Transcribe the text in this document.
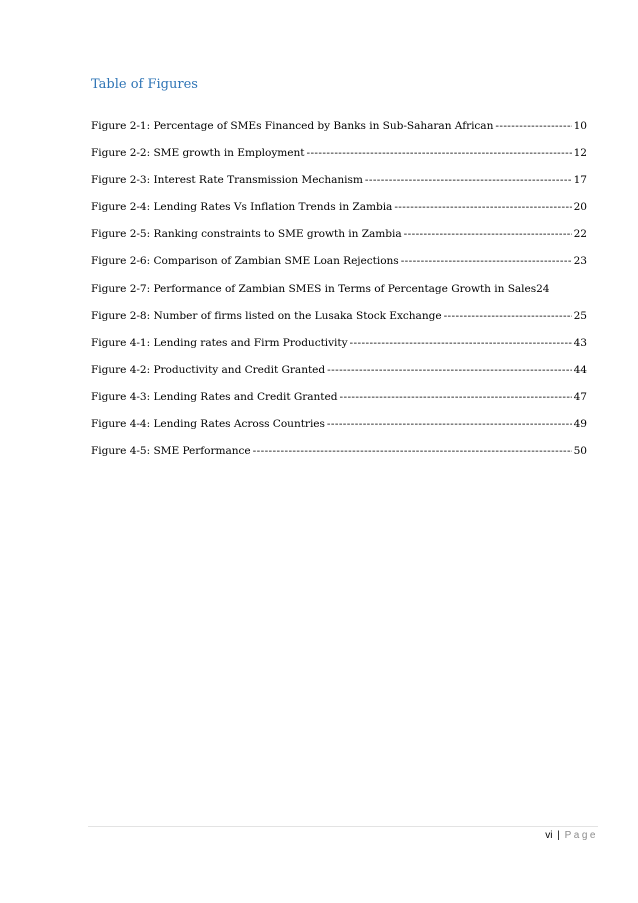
Table of Figures
Figure 2-1: Percentage of SMEs Financed by Banks in Sub-Saharan African -----	10
Figure 2-2: SME growth in Employment -----	12
Figure 2-3: Interest Rate Transmission Mechanism -----	17
Figure 2-4: Lending Rates Vs Inflation Trends in Zambia -----	20
Figure 2-5: Ranking constraints to SME growth in Zambia -----	22
Figure 2-6: Comparison of Zambian SME Loan Rejections -----	23
Figure 2-7: Performance of Zambian SMES in Terms of Percentage Growth in Sales 24
Figure 2-8: Number of firms listed on the Lusaka Stock Exchange -----	25
Figure 4-1: Lending rates and Firm Productivity -----	43
Figure 4-2: Productivity and Credit Granted -----	44
Figure 4-3: Lending Rates and Credit Granted -----	47
Figure 4-4: Lending Rates Across Countries -----	49
Figure 4-5: SME Performance -----	50
vi | Page
